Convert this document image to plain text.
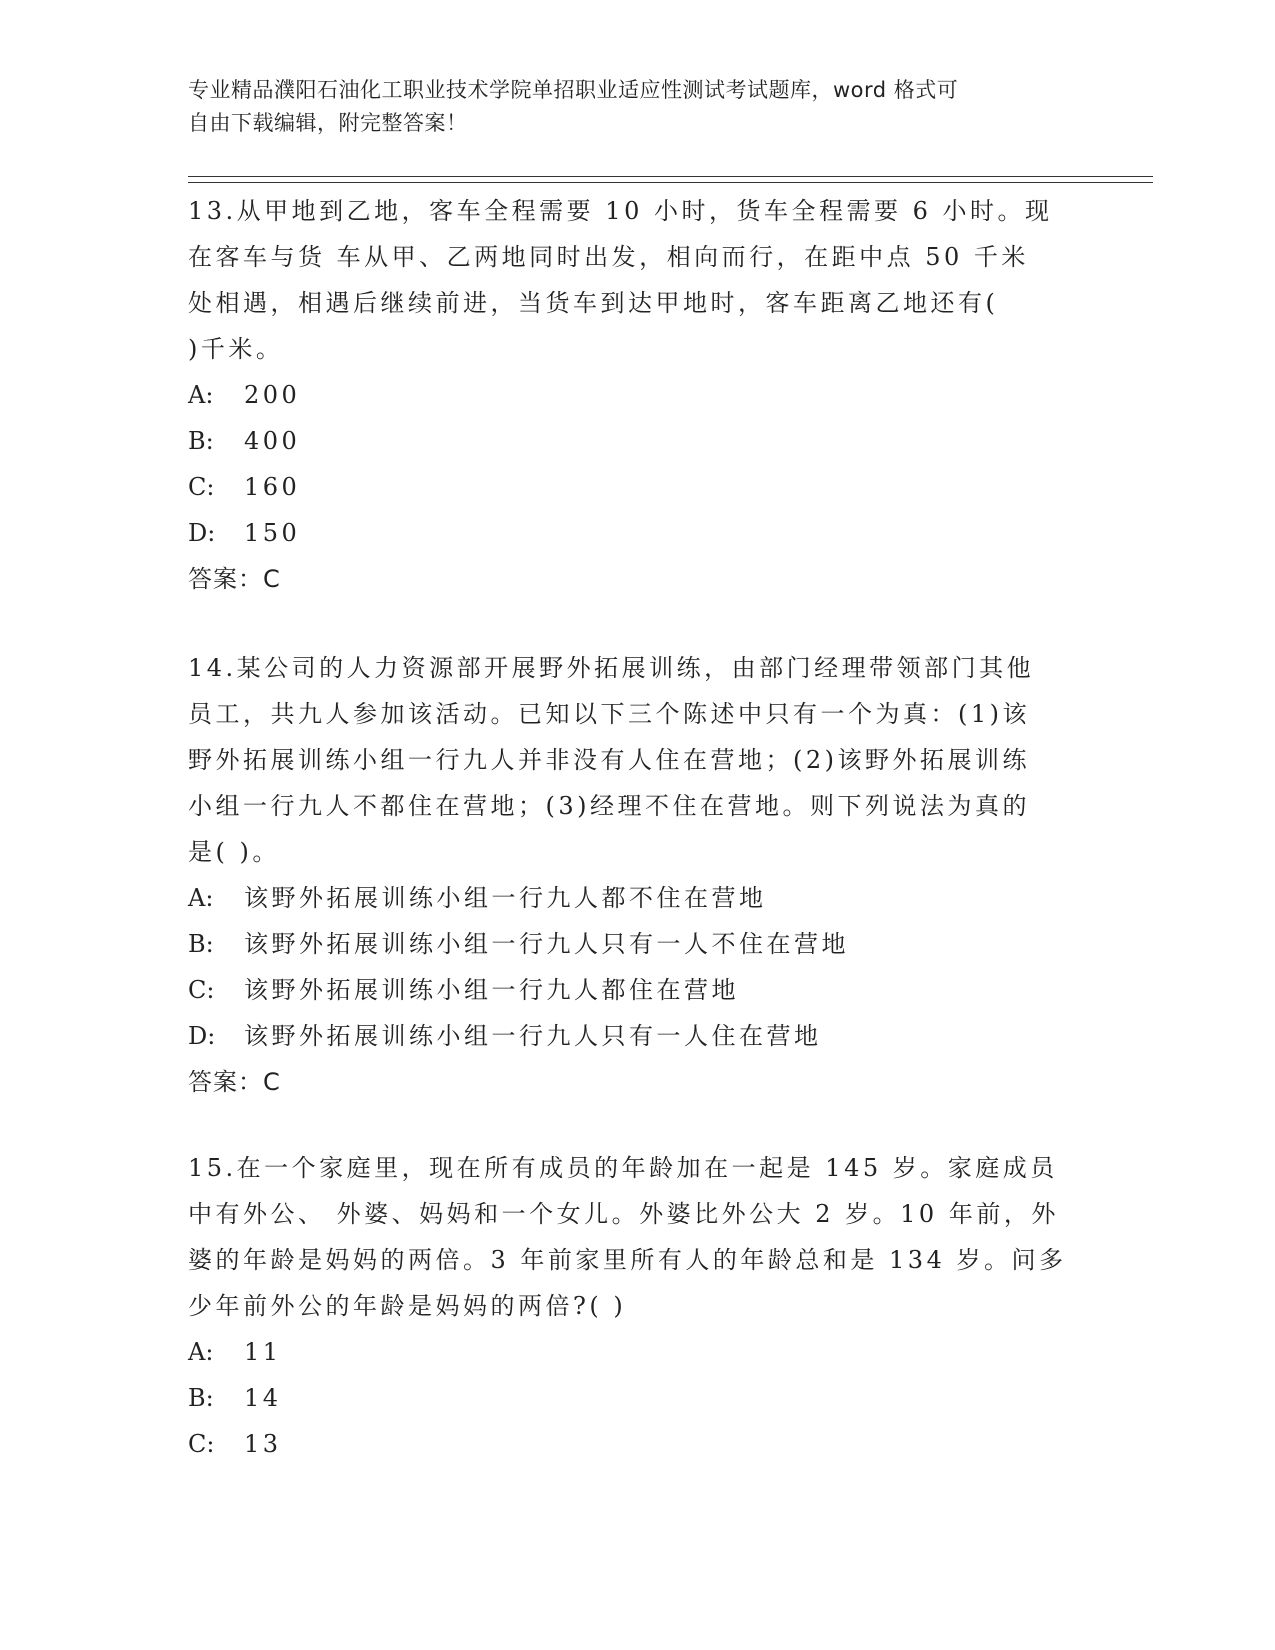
专业精品濮阳石油化工职业技术学院单招职业适应性测试考试题库，word 格式可
自由下载编辑，附完整答案！
13.从甲地到乙地，客车全程需要 10 小时，货车全程需要 6 小时。现
在客车与货 车从甲、乙两地同时出发，相向而行，在距中点 50 千米
处相遇，相遇后继续前进，当货车到达甲地时，客车距离乙地还有(
)千米。
A: 200
B: 400
C: 160
D: 150
答案：C
14.某公司的人力资源部开展野外拓展训练，由部门经理带领部门其他
员工，共九人参加该活动。已知以下三个陈述中只有一个为真：(1)该
野外拓展训练小组一行九人并非没有人住在营地；(2)该野外拓展训练
小组一行九人不都住在营地；(3)经理不住在营地。则下列说法为真的
是( )。
A: 该野外拓展训练小组一行九人都不住在营地
B: 该野外拓展训练小组一行九人只有一人不住在营地
C: 该野外拓展训练小组一行九人都住在营地
D: 该野外拓展训练小组一行九人只有一人住在营地
答案：C
15.在一个家庭里，现在所有成员的年龄加在一起是 145 岁。家庭成员
中有外公、 外婆、妈妈和一个女儿。外婆比外公大 2 岁。10 年前，外
婆的年龄是妈妈的两倍。3 年前家里所有人的年龄总和是 134 岁。问多
少年前外公的年龄是妈妈的两倍?( )
A: 11
B: 14
C: 13
